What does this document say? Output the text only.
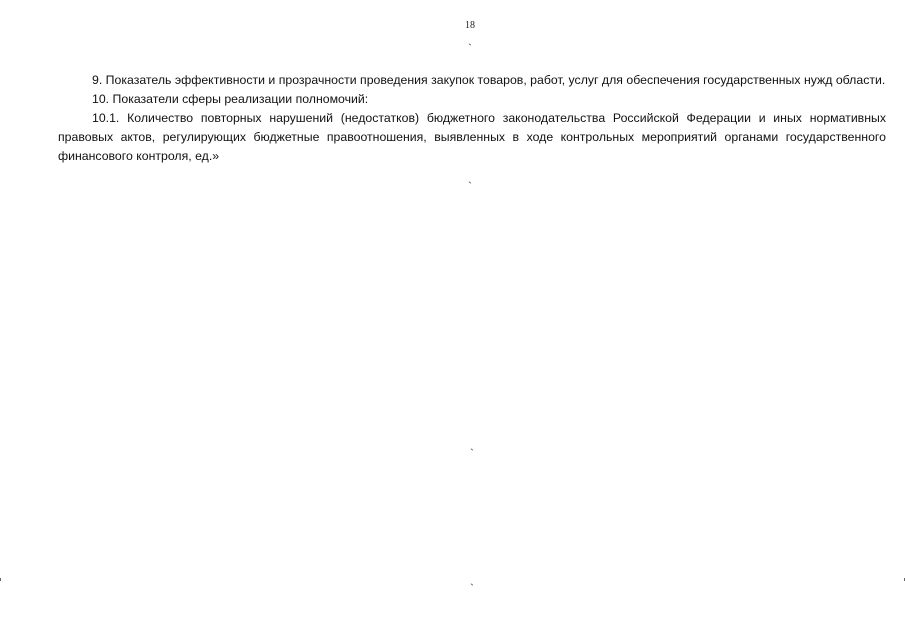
18
`
`
`
`

9. Показатель эффективности и прозрачности проведения закупок товаров, работ, услуг для обеспечения государственных нужд области.

10. Показатели сферы реализации полномочий:

10.1. Количество повторных нарушений (недостатков) бюджетного законодательства Российской Федерации и иных нормативных правовых актов, регулирующих бюджетные правоотношения, выявленных в ходе контрольных мероприятий органами государственного финансового контроля, ед.»
